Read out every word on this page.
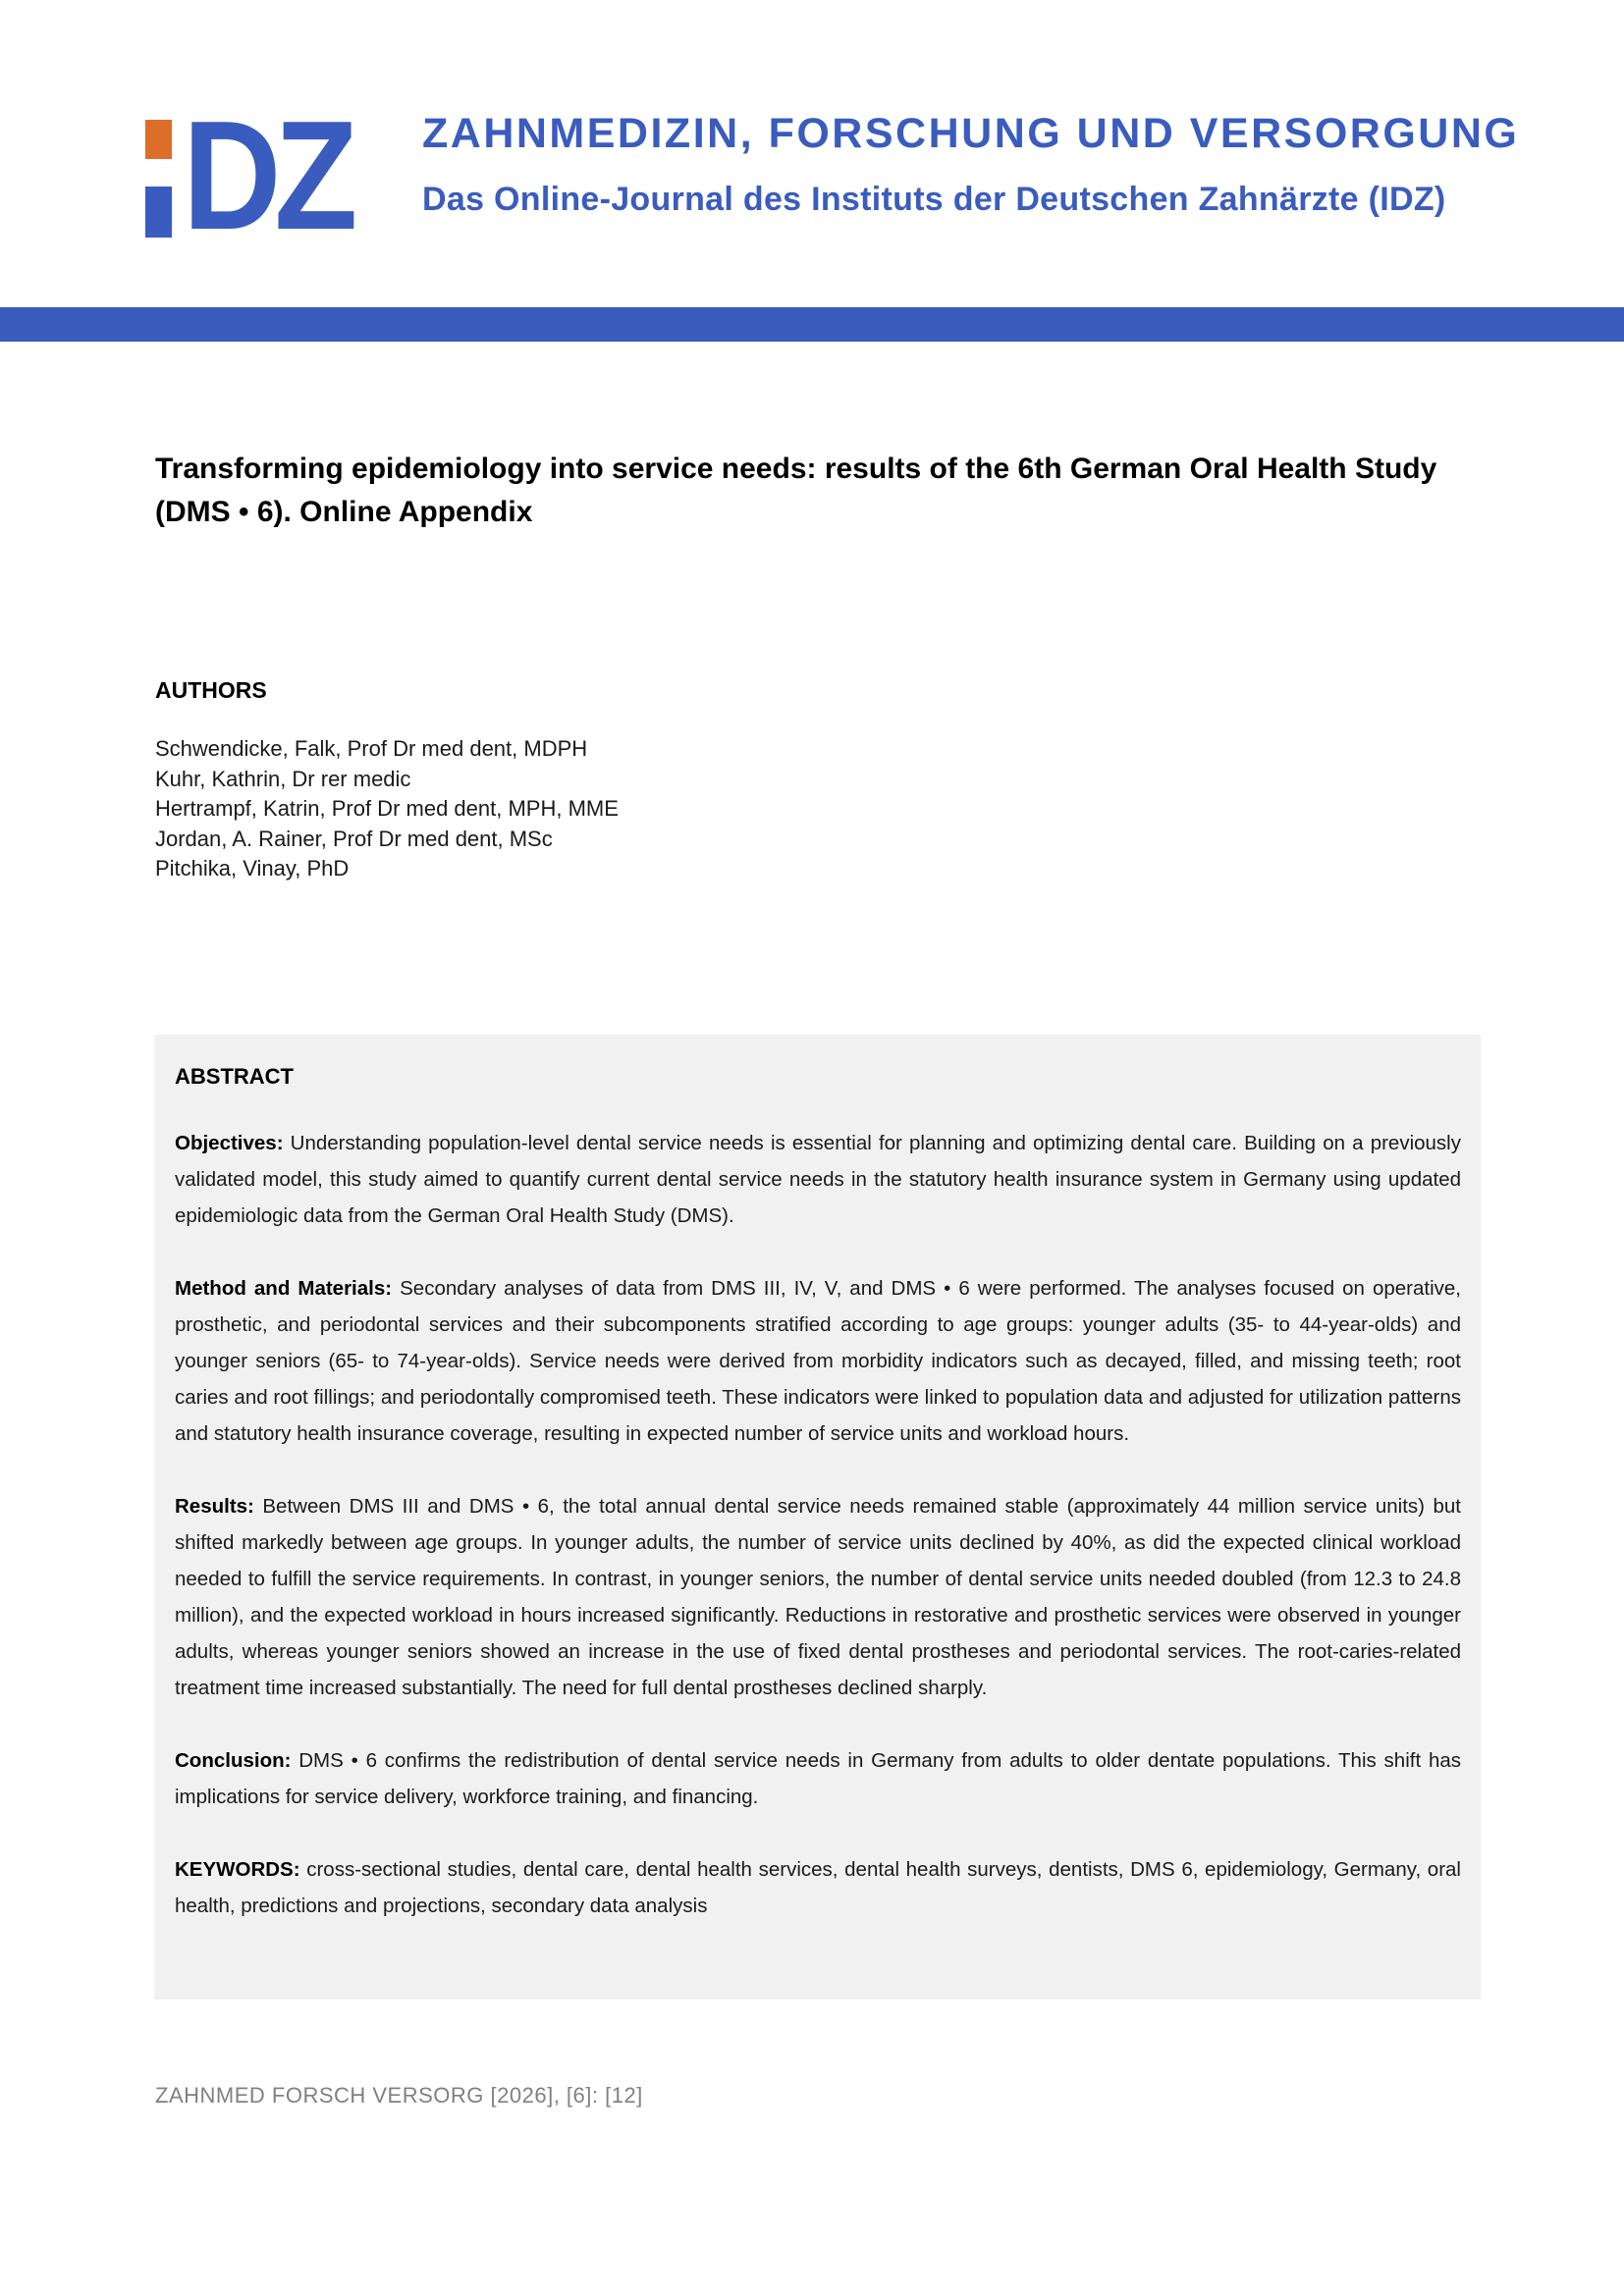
DZ ZAHNMEDIZIN, FORSCHUNG UND VERSORGUNG
Das Online-Journal des Instituts der Deutschen Zahnärzte (IDZ)
Transforming epidemiology into service needs: results of the 6th German Oral Health Study (DMS • 6). Online Appendix
AUTHORS
Schwendicke, Falk, Prof Dr med dent, MDPH
Kuhr, Kathrin, Dr rer medic
Hertrampf, Katrin, Prof Dr med dent, MPH, MME
Jordan, A. Rainer, Prof Dr med dent, MSc
Pitchika, Vinay, PhD
ABSTRACT

Objectives: Understanding population-level dental service needs is essential for planning and optimizing dental care. Building on a previously validated model, this study aimed to quantify current dental service needs in the statutory health insurance system in Germany using updated epidemiologic data from the German Oral Health Study (DMS).

Method and Materials: Secondary analyses of data from DMS III, IV, V, and DMS • 6 were performed. The analyses focused on operative, prosthetic, and periodontal services and their subcomponents stratified according to age groups: younger adults (35- to 44-year-olds) and younger seniors (65- to 74-year-olds). Service needs were derived from morbidity indicators such as decayed, filled, and missing teeth; root caries and root fillings; and periodontally compromised teeth. These indicators were linked to population data and adjusted for utilization patterns and statutory health insurance coverage, resulting in expected number of service units and workload hours.

Results: Between DMS III and DMS • 6, the total annual dental service needs remained stable (approximately 44 million service units) but shifted markedly between age groups. In younger adults, the number of service units declined by 40%, as did the expected clinical workload needed to fulfill the service requirements. In contrast, in younger seniors, the number of dental service units needed doubled (from 12.3 to 24.8 million), and the expected workload in hours increased significantly. Reductions in restorative and prosthetic services were observed in younger adults, whereas younger seniors showed an increase in the use of fixed dental prostheses and periodontal services. The root-caries-related treatment time increased substantially. The need for full dental prostheses declined sharply.

Conclusion: DMS • 6 confirms the redistribution of dental service needs in Germany from adults to older dentate populations. This shift has implications for service delivery, workforce training, and financing.

KEYWORDS: cross-sectional studies, dental care, dental health services, dental health surveys, dentists, DMS 6, epidemiology, Germany, oral health, predictions and projections, secondary data analysis

ZAHNMED FORSCH VERSORG [2026], [6]: [12]
